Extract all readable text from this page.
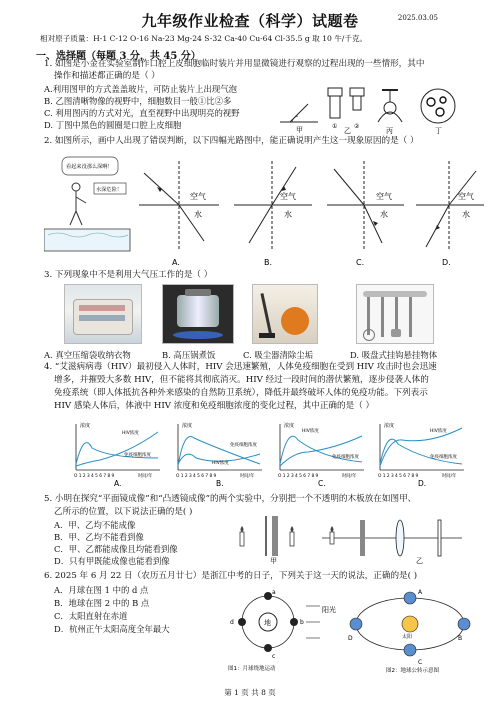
九年级作业检查（科学）试题卷	2025.03.05
相对原子质量：H-1 C-12 O-16 Na-23 Mg-24 S-32 Ca-40 Cu-64 Cl-35.5 g 取 10 牛/千克。
一、选择题（每题 3 分，共 45 分）
1. 如图是小金在实验室制作口腔上皮细胞临时装片并用显微镜进行观察的过程出现的一些情形，其中
操作和描述都正确的是（ ）
A.利用图甲的方式盖盖玻片，可防止装片上出现气泡
B. 乙图清晰物像的视野中，细胞数目一般①比②多
C. 利用图丙的方式对光，直至视野中出现明亮的视野
D. 丁图中黑色的圆圈是口腔上皮细胞	甲	①	②
乙	丙	丁
2. 如图所示，画中人出现了错误判断，以下四幅光路图中，能正确说明产生这一现象原因的是（ ）
看起来没那么深啊！
水深危险！
空气
水
A.
空气
水
B.
空气
水
C.
空气
水
D.
3. 下列现象中不是利用大气压工作的是（ ）
A. 真空压缩袋收纳衣物	B. 高压锅煮饭	C. 吸尘器清除尘垢	D. 吸盘式挂钩悬挂物体
4. “艾滋病病毒（HIV）最初侵入人体时，HIV 会迅速繁殖，人体免疫细胞在受到 HIV 攻击时也会迅速
增多，并摧毁大多数 HIV，但不能将其彻底消灭。HIV 经过一段时间的潜伏繁殖，逐步侵袭人体的
免疫系统（即人体抵抗各种外来感染的自然防卫系统），降低并最终破坏人体的免疫功能。下列表示
HIV 感染人体后，体液中 HIV 浓度和免疫细胞浓度的变化过程，其中正确的是（ ）
浓度
HIV浓度
免疫细胞浓度
O 1 2 3 4 5 6 7 8 9	时间/年
A.
浓度
免疫细胞浓度
HIV浓度
O 1 2 3 4 5 6 7 8 9	时间/年
B.
浓度
HIV浓度
免疫细胞浓度
O 1 2 3 4 5 6 7 8 9	时间/年
C.
浓度
HIV浓度
免疫细胞浓度
O 1 2 3 4 5 6 7 8 9	时间/年
D.
5. 小明在探究“平面镜成像”和“凸透镜成像”的两个实验中，分别把一个不透明的木板放在如图甲、
乙所示的位置，以下说法正确的是( )
A．甲、乙均不能成像
B．甲、乙均不能看到像
C．甲、乙都能成像且均能看到像
D．只有甲既能成像也能看到像	甲	乙
6. 2025 年 6 月 22 日（农历五月廿七）是浙江中考的日子，下列关于这一天的说法，正确的是( )
A．月球在图 1 中的 d 点
B．地球在图 2 中的 B 点
C．太阳直射在赤道
D．杭州正午太阳高度全年最大
地
a
b
c
d
阳光
图1：月球绕地运动
太阳
A
B
C
D
图2：地球公转示意图
第 1 页 共 8 页
